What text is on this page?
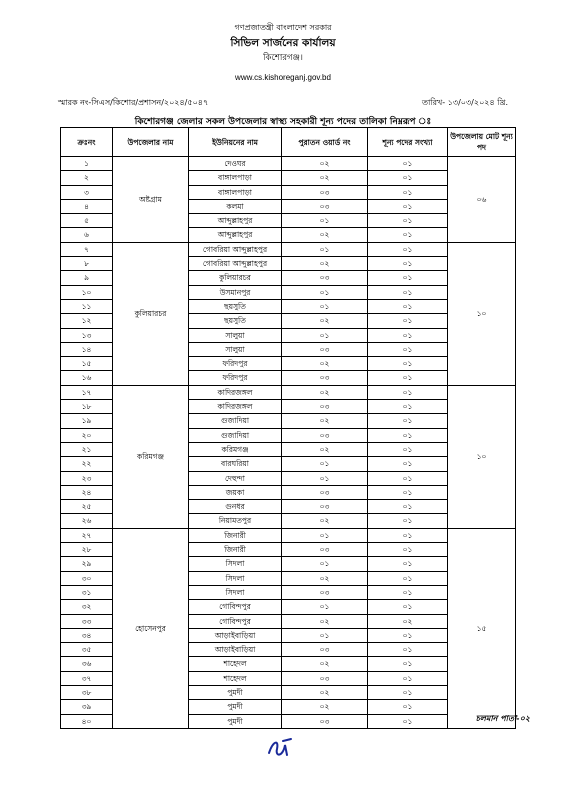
গণপ্রজাতন্ত্রী বাংলাদেশ সরকার
সিভিল সার্জনের কার্যালয়
কিশোরগঞ্জ।
www.cs.kishoreganj.gov.bd
স্মারক নং-সিএস/কিশোর/প্রশাসন/২০২৪/৫০৪৭	তারিখ- ১৩/০৩/২০২৪ খ্রি.
কিশোরগঞ্জ জেলার সকল উপজেলার স্বাস্থ্য সহকারী শূন্য পদের তালিকা নিম্নরূপ ঃ
ক্রঃনং	উপজেলার নাম	ইউনিয়নের নাম	পুরাতন ওয়ার্ড নং	শূন্য পদের সংখ্যা	উপজেলায় মোট শূন্য পদ
১	অষ্টগ্রাম	দেওঘর	০২	০১	০৬
২		বাঙ্গালপাড়া	০২	০১	
৩		বাঙ্গালপাড়া	০৩	০১	
৪		কলমা	০৩	০১	
৫		আব্দুল্লাহপুর	০১	০১	
৬		আব্দুল্লাহপুর	০২	০১	
৭	কুলিয়ারচর	গোবরিয়া আব্দুল্লাহপুর	০১	০১	১০
৮		গোবরিয়া আব্দুল্লাহপুর	০২	০১	
৯		কুলিয়ারচর	০৩	০১	
১০		উসমানপুর	০১	০১	
১১		ছয়সুতি	০১	০১	
১২		ছয়সুতি	০২	০১	
১৩		সালুয়া	০১	০১	
১৪		সালুয়া	০৩	০১	
১৫		ফরিদপুর	০২	০১	
১৬		ফরিদপুর	০৩	০১	
১৭	করিমগঞ্জ	কাদিরজঙ্গল	০২	০১	১০
১৮		কাদিরজঙ্গল	০৩	০১	
১৯		গুজাদিয়া	০২	০১	
২০		গুজাদিয়া	০৩	০১	
২১		করিমগঞ্জ	০২	০১	
২২		বারঘরিয়া	০১	০১	
২৩		দেহুন্দা	০১	০১	
২৪		জয়কা	০৩	০১	
২৫		গুনধর	০৩	০১	
২৬		নিয়ামতপুর	০২	০১	
২৭	হোসেনপুর	জিনারী	০১	০১	১৫
২৮		জিনারী	০৩	০১	
২৯		সিদলা	০১	০১	
৩০		সিদলা	০২	০১	
৩১		সিদলা	০৩	০১	
৩২		গোবিন্দপুর	০১	০১	
৩৩		গোবিন্দপুর	০২	০২	
৩৪		আড়াইবাড়িয়া	০১	০১	
৩৫		আড়াইবাড়িয়া	০৩	০১	
৩৬		শাহেদল	০২	০১	
৩৭		শাহেদল	০৩	০১	
৩৮		পুমদী	০২	০১	
৩৯		পুমদী	০২	০১	
৪০		পুমদী	০৩	০১		চলমান পাতা-০২
